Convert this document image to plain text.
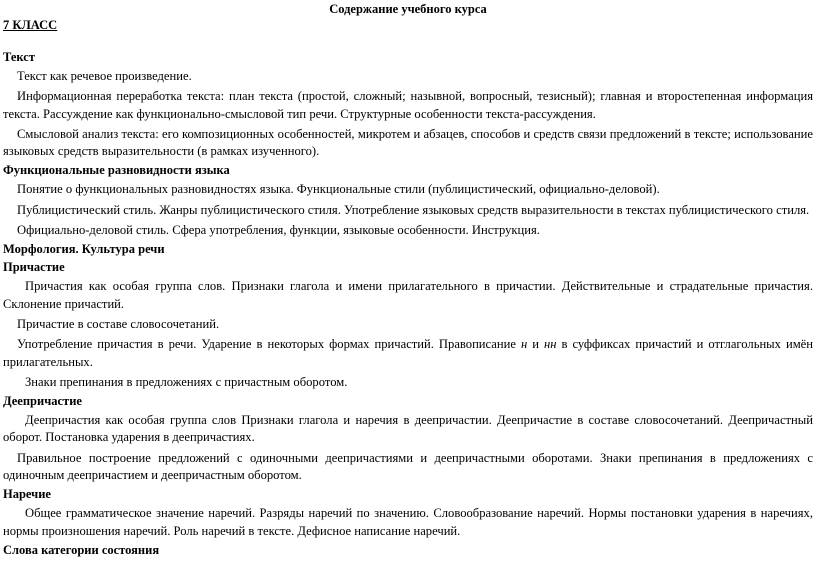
Содержание учебного курса
7 КЛАСС
Текст

Текст как речевое произведение.

Информационная переработка текста: план текста (простой, сложный; назывной, вопросный, тезисный); главная и второстепенная информация текста. Рассуждение как функционально-смысловой тип речи. Структурные особенности текста-рассуждения.

Смысловой анализ текста: его композиционных особенностей, микротем и абзацев, способов и средств связи предложений в тексте; использование языковых средств выразительности (в рамках изученного).

Функциональные разновидности языка

Понятие о функциональных разновидностях языка. Функциональные стили (публицистический, официально-деловой).

Публицистический стиль. Жанры публицистического стиля. Употребление языковых средств выразительности в текстах публицистического стиля.

Официально-деловой стиль. Сфера употребления, функции, языковые особенности. Инструкция.

Морфология. Культура речи
Причастие

Причастия как особая группа слов. Признаки глагола и имени прилагательного в причастии. Действительные и страдательные причастия. Склонение причастий.

Причастие в составе словосочетаний.

Употребление причастия в речи. Ударение в некоторых формах причастий. Правописание н и нн в суффиксах причастий и отглагольных имён прилагательных.

Знаки препинания в предложениях с причастным оборотом.

Деепричастие

Деепричастия как особая группа слов Признаки глагола и наречия в деепричастии. Деепричастие в составе словосочетаний. Деепричастный оборот. Постановка ударения в деепричастиях.

Правильное построение предложений с одиночными деепричастиями и деепричастными оборотами. Знаки препинания в предложениях с одиночным деепричастием и деепричастным оборотом.

Наречие

Общее грамматическое значение наречий. Разряды наречий по значению. Словообразование наречий. Нормы постановки ударения в наречиях, нормы произношения наречий. Роль наречий в тексте. Дефисное написание наречий.

Слова категории состояния
